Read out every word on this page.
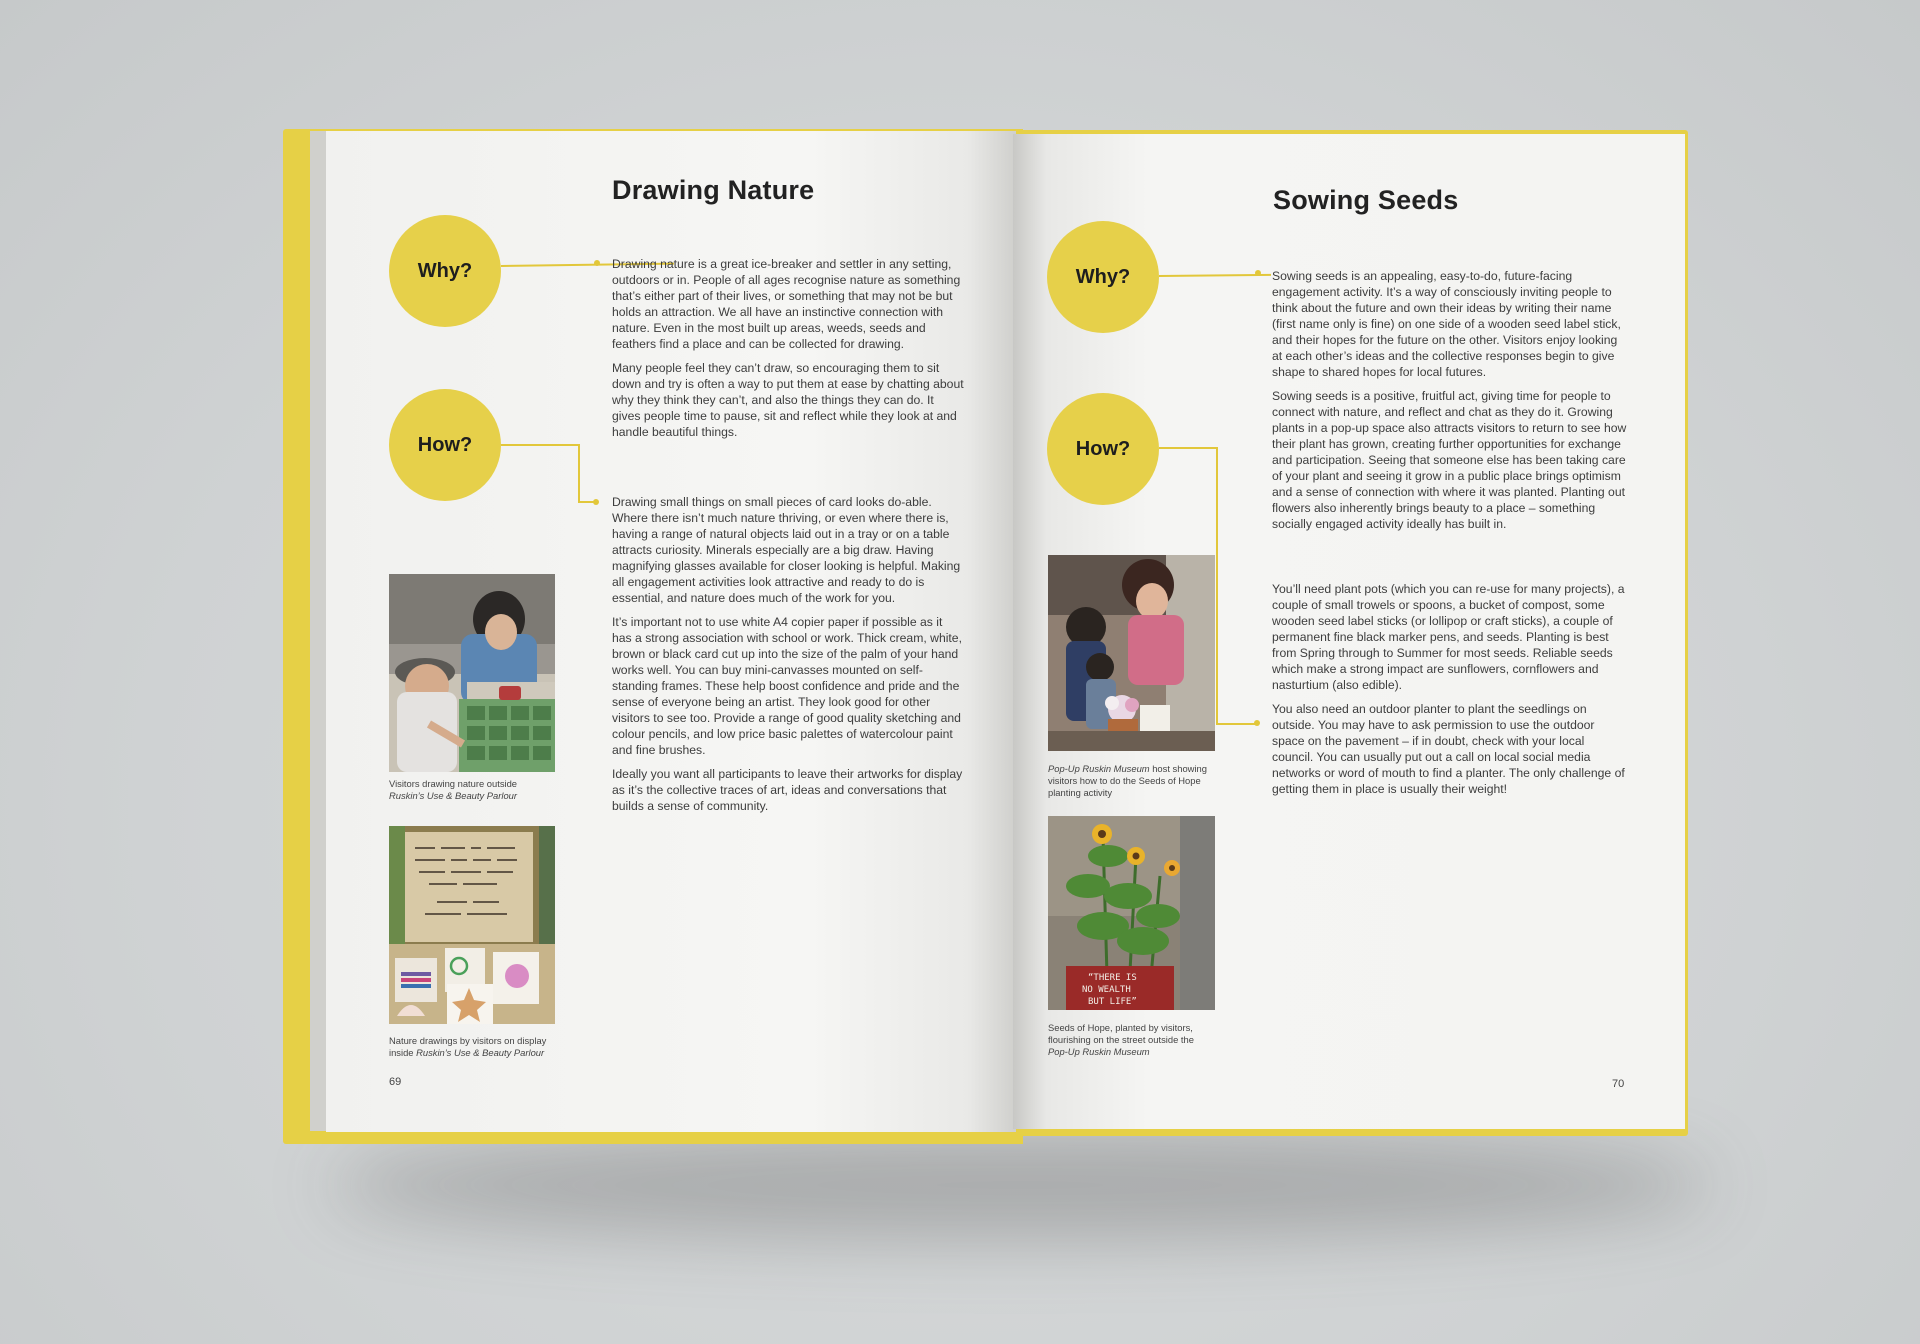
Drawing Nature
Why?
How?

Drawing nature is a great ice-breaker and settler in any setting, outdoors or in. People of all ages recognise nature as something that’s either part of their lives, or something that may not be but holds an attraction. We all have an instinctive connection with nature. Even in the most built up areas, weeds, seeds and feathers find a place and can be collected for drawing.

Many people feel they can’t draw, so encouraging them to sit down and try is often a way to put them at ease by chatting about why they think they can’t, and also the things they can do. It gives people time to pause, sit and reflect while they look at and handle beautiful things.

Drawing small things on small pieces of card looks do-able. Where there isn’t much nature thriving, or even where there is, having a range of natural objects laid out in a tray or on a table attracts curiosity. Minerals especially are a big draw. Having magnifying glasses available for closer looking is helpful. Making all engagement activities look attractive and ready to do is essential, and nature does much of the work for you.

It’s important not to use white A4 copier paper if possible as it has a strong association with school or work. Thick cream, white, brown or black card cut up into the size of the palm of your hand works well. You can buy mini-canvasses mounted on self-standing frames. These help boost confidence and pride and the sense of everyone being an artist. They look good for other visitors to see too. Provide a range of good quality sketching and colour pencils, and low price basic palettes of watercolour paint and fine brushes.

Ideally you want all participants to leave their artworks for display as it’s the collective traces of art, ideas and conversations that builds a sense of community.

Visitors drawing nature outside
Ruskin’s Use & Beauty Parlour
Nature drawings by visitors on display
inside Ruskin’s Use & Beauty Parlour
69
Sowing Seeds
Why?
How?

Sowing seeds is an appealing, easy-to-do, future-facing engagement activity. It’s a way of consciously inviting people to think about the future and own their ideas by writing their name (first name only is fine) on one side of a wooden seed label stick, and their hopes for the future on the other. Visitors enjoy looking at each other’s ideas and the collective responses begin to give shape to shared hopes for local futures.

Sowing seeds is a positive, fruitful act, giving time for people to connect with nature, and reflect and chat as they do it. Growing plants in a pop-up space also attracts visitors to return to see how their plant has grown, creating further opportunities for exchange and participation. Seeing that someone else has been taking care of your plant and seeing it grow in a public place brings optimism and a sense of connection with where it was planted. Planting out flowers also inherently brings beauty to a place – something socially engaged activity ideally has built in.

You’ll need plant pots (which you can re-use for many projects), a couple of small trowels or spoons, a bucket of compost, some wooden seed label sticks (or lollipop or craft sticks), a couple of permanent fine black marker pens, and seeds. Planting is best from Spring through to Summer for most seeds. Reliable seeds which make a strong impact are sunflowers, cornflowers and nasturtium (also edible).

You also need an outdoor planter to plant the seedlings on outside. You may have to ask permission to use the outdoor space on the pavement – if in doubt, check with your local council. You can usually put out a call on local social media networks or word of mouth to find a planter. The only challenge of getting them in place is usually their weight!

Pop-Up Ruskin Museum host showing visitors how to do the Seeds of Hope planting activity
“THERE IS
NO WEALTH
BUT LIFE”
Seeds of Hope, planted by visitors,
flourishing on the street outside the
Pop-Up Ruskin Museum
70
